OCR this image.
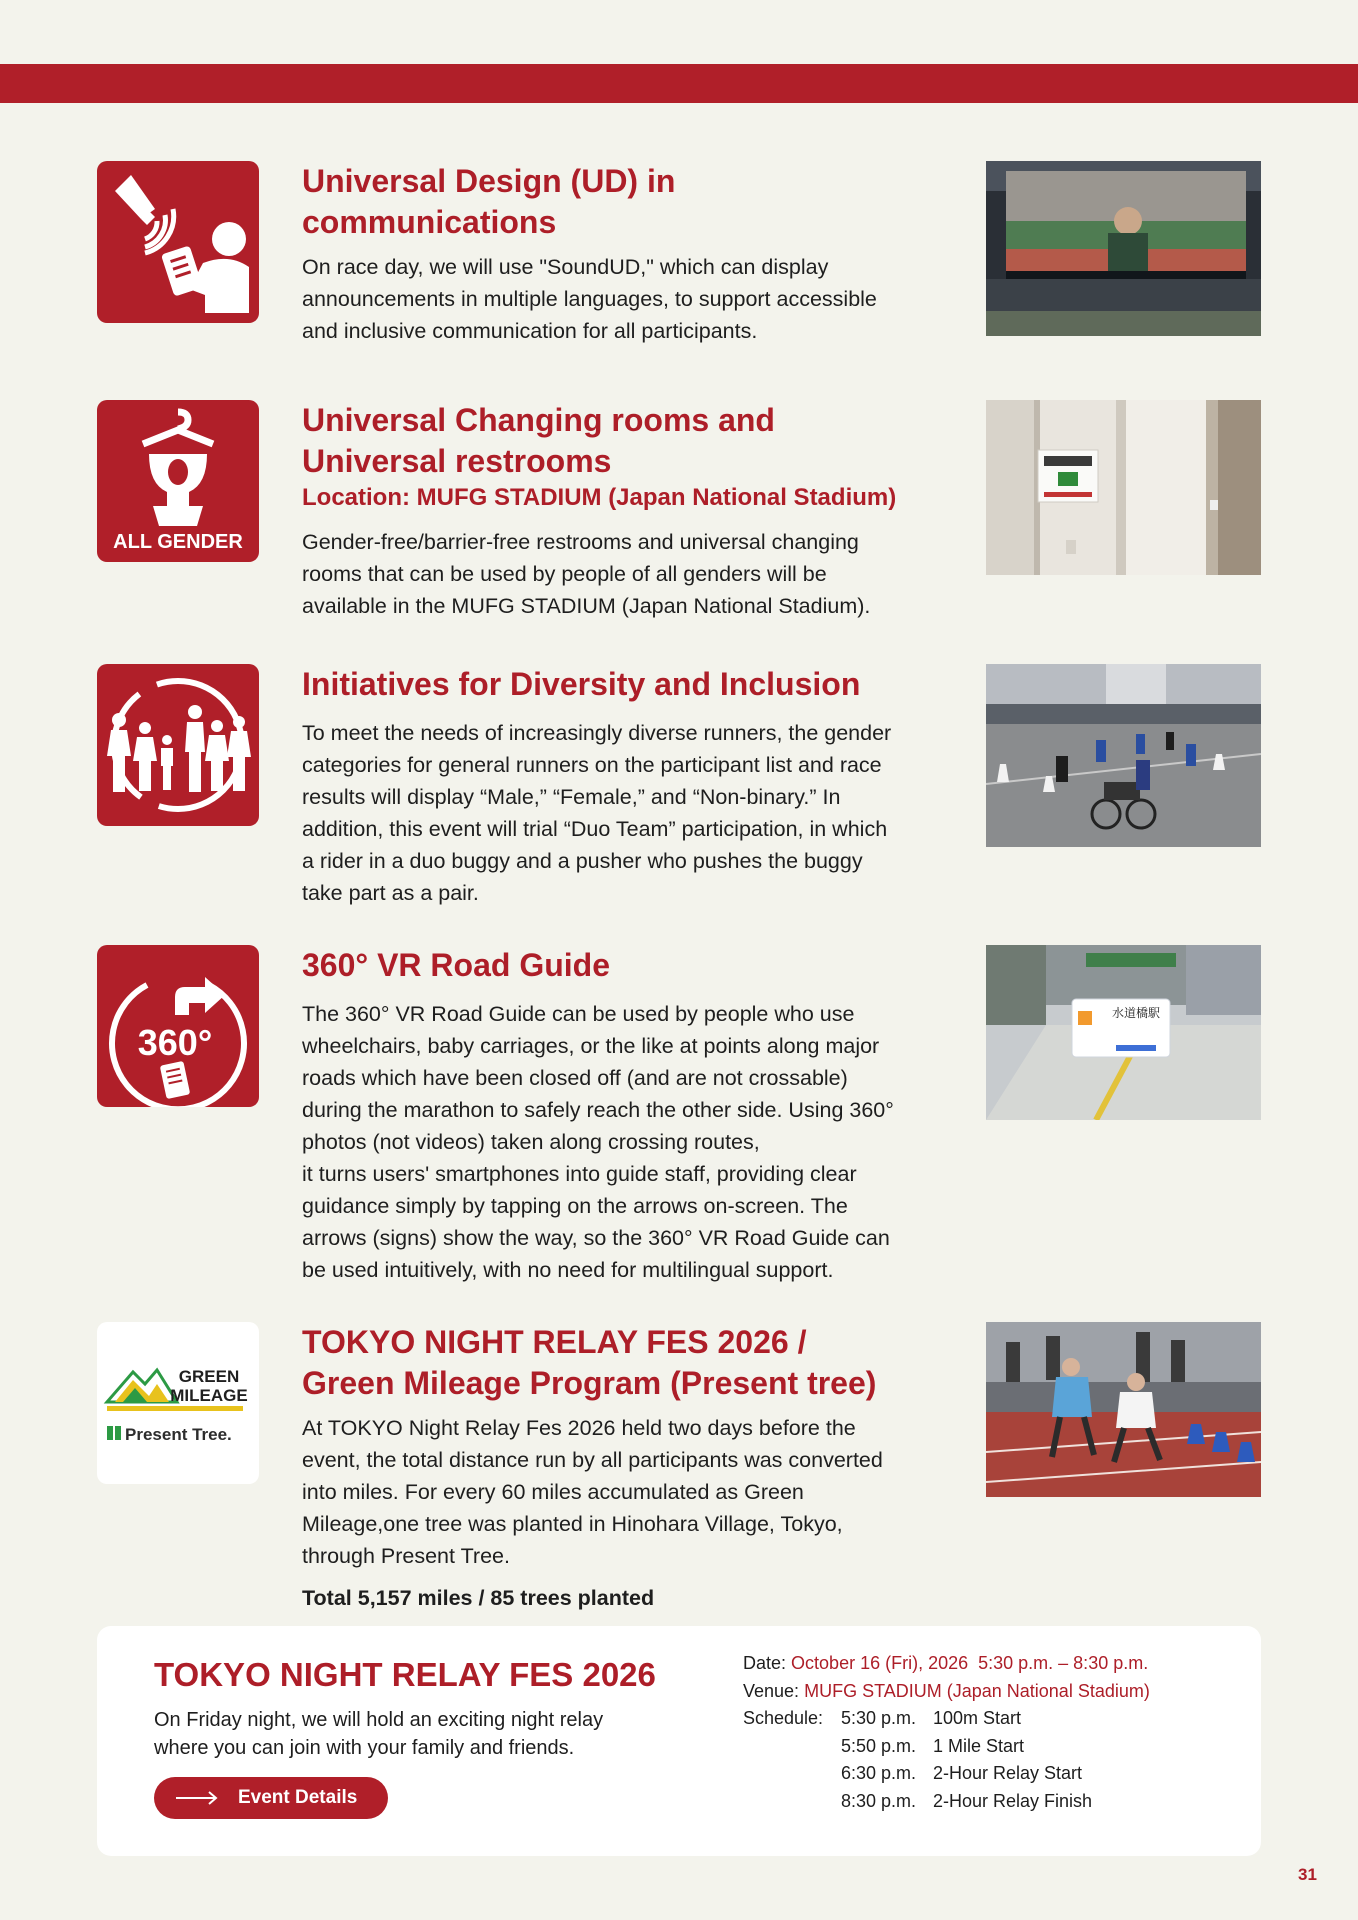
Universal Design (UD) in
communications
On race day, we will use "SoundUD," which can display
announcements in multiple languages, to support accessible
and inclusive communication for all participants.
ALL GENDER
Universal Changing rooms and
Universal restrooms
Location: MUFG STADIUM (Japan National Stadium)
Gender-free/barrier-free restrooms and universal changing
rooms that can be used by people of all genders will be
available in the MUFG STADIUM (Japan National Stadium).
Initiatives for Diversity and Inclusion
To meet the needs of increasingly diverse runners, the gender
categories for general runners on the participant list and race
results will display “Male,” “Female,” and “Non-binary.” In
addition, this event will trial “Duo Team” participation, in which
a rider in a duo buggy and a pusher who pushes the buggy
take part as a pair.
360°
360° VR Road Guide
The 360° VR Road Guide can be used by people who use
wheelchairs, baby carriages, or the like at points along major
roads which have been closed off (and are not crossable)
during the marathon to safely reach the other side. Using 360°
photos (not videos) taken along crossing routes,
it turns users' smartphones into guide staff, providing clear
guidance simply by tapping on the arrows on-screen. The
arrows (signs) show the way, so the 360° VR Road Guide can
be used intuitively, with no need for multilingual support.
水道橋駅
GREEN
MILEAGE
Present Tree.
TOKYO NIGHT RELAY FES 2026 /
Green Mileage Program (Present tree)
At TOKYO Night Relay Fes 2026 held two days before the
event, the total distance run by all participants was converted
into miles. For every 60 miles accumulated as Green
Mileage,one tree was planted in Hinohara Village, Tokyo,
through Present Tree.
Total 5,157 miles / 85 trees planted
TOKYO NIGHT RELAY FES 2026
On Friday night, we will hold an exciting night relay
where you can join with your family and friends.
Event Details
Date:
October 16 (Fri), 2026  5:30 p.m. – 8:30 p.m.
Venue:
MUFG STADIUM (Japan National Stadium)
Schedule: 5:30 p.m. 100m Start
5:50 p.m. 1 Mile Start
6:30 p.m. 2-Hour Relay Start
8:30 p.m. 2-Hour Relay Finish
31
